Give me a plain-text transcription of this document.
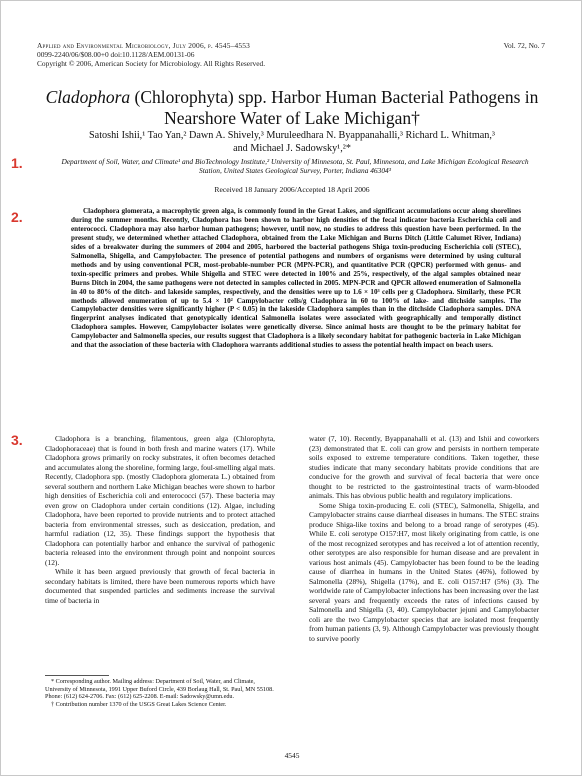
Applied and Environmental Microbiology, July 2006, p. 4545–4553
0099-2240/06/$08.00+0 doi:10.1128/AEM.00131-06
Copyright © 2006, American Society for Microbiology. All Rights Reserved.
Vol. 72, No. 7
Cladophora (Chlorophyta) spp. Harbor Human Bacterial Pathogens in
Nearshore Water of Lake Michigan†
Satoshi Ishii,¹ Tao Yan,² Dawn A. Shively,³ Muruleedhara N. Byappanahalli,³ Richard L. Whitman,³
and Michael J. Sadowsky¹,²*
1.	Department of Soil, Water, and Climate¹ and BioTechnology Institute,² University of Minnesota, St. Paul, Minnesota, and Lake Michigan Ecological Research Station, United States Geological Survey, Porter, Indiana 46304³
Received 18 January 2006/Accepted 18 April 2006
2.	Cladophora glomerata, a macrophytic green alga, is commonly found in the Great Lakes, and significant accumulations occur along shorelines during the summer months. Recently, Cladophora has been shown to harbor high densities of the fecal indicator bacteria Escherichia coli and enterococci. Cladophora may also harbor human pathogens; however, until now, no studies to address this question have been performed. In the present study, we determined whether attached Cladophora, obtained from the Lake Michigan and Burns Ditch (Little Calumet River, Indiana) sides of a breakwater during the summers of 2004 and 2005, harbored the bacterial pathogens Shiga toxin-producing Escherichia coli (STEC), Salmonella, Shigella, and Campylobacter. The presence of potential pathogens and numbers of organisms were determined by using cultural methods and by using conventional PCR, most-probable-number PCR (MPN-PCR), and quantitative PCR (QPCR) performed with genus- and toxin-specific primers and probes. While Shigella and STEC were detected in 100% and 25%, respectively, of the algal samples obtained near Burns Ditch in 2004, the same pathogens were not detected in samples collected in 2005. MPN-PCR and QPCR allowed enumeration of Salmonella in 40 to 80% of the ditch- and lakeside samples, respectively, and the densities were up to 1.6 × 10³ cells per g Cladophora. Similarly, these PCR methods allowed enumeration of up to 5.4 × 10² Campylobacter cells/g Cladophora in 60 to 100% of lake- and ditchside samples. The Campylobacter densities were significantly higher (P < 0.05) in the lakeside Cladophora samples than in the ditchside Cladophora samples. DNA fingerprint analyses indicated that genotypically identical Salmonella isolates were associated with geographically and temporally distinct Cladophora samples. However, Campylobacter isolates were genetically diverse. Since animal hosts are thought to be the primary habitat for Campylobacter and Salmonella species, our results suggest that Cladophora is a likely secondary habitat for pathogenic bacteria in Lake Michigan and that the association of these bacteria with Cladophora warrants additional studies to assess the potential health impact on beach users.

3.	Cladophora is a branching, filamentous, green alga (Chlorophyta, Cladophoraceae) that is found in both fresh and marine waters (17). While Cladophora grows primarily on rocky substrates, it often becomes detached and accumulates along the shoreline, forming large, foul-smelling algal mats. Recently, Cladophora spp. (mostly Cladophora glomerata L.) obtained from several southern and northern Lake Michigan beaches were shown to harbor high densities of Escherichia coli and enterococci (57). These bacteria may even grow on Cladophora under certain conditions (12). Algae, including Cladophora, have been reported to provide nutrients and to protect attached bacteria from environmental stresses, such as desiccation, predation, and harmful radiation (12, 35). These findings support the hypothesis that Cladophora can potentially harbor and enhance the survival of pathogenic bacteria released into the environment through point and nonpoint sources (12).

While it has been argued previously that growth of fecal bacteria in secondary habitats is limited, there have been numerous reports which have documented that suspended particles and sediments increase the survival time of bacteria in

water (7, 10). Recently, Byappanahalli et al. (13) and Ishii and coworkers (23) demonstrated that E. coli can grow and persists in northern temperate soils exposed to extreme temperature conditions. Taken together, these studies indicate that many secondary habitats provide conditions that are conducive for the growth and survival of fecal bacteria that were once thought to be restricted to the gastrointestinal tracts of warm-blooded animals. This has obvious public health and regulatory implications.

Some Shiga toxin-producing E. coli (STEC), Salmonella, Shigella, and Campylobacter strains cause diarrheal diseases in humans. The STEC strains produce Shiga-like toxins and belong to a broad range of serotypes (45). While E. coli serotype O157:H7, most likely originating from cattle, is one of the most recognized serotypes and has received a lot of attention recently, other serotypes are also responsible for human disease and are prevalent in various host animals (45). Campylobacter has been found to be the leading cause of diarrhea in humans in the United States (46%), followed by Salmonella (28%), Shigella (17%), and E. coli O157:H7 (5%) (3). The worldwide rate of Campylobacter infections has been increasing over the last several years and frequently exceeds the rates of infections caused by Salmonella and Shigella (3, 40). Campylobacter jejuni and Campylobacter coli are the two Campylobacter species that are isolated most frequently from human patients (3, 9). Although Campylobacter was previously thought to survive poorly

* Corresponding author. Mailing address: Department of Soil, Water, and Climate, University of Minnesota, 1991 Upper Buford Circle, 439 Borlaug Hall, St. Paul, MN 55108. Phone: (612) 624-2706. Fax: (612) 625-2208. E-mail: Sadowsky@umn.edu.

† Contribution number 1370 of the USGS Great Lakes Science Center.

4545
